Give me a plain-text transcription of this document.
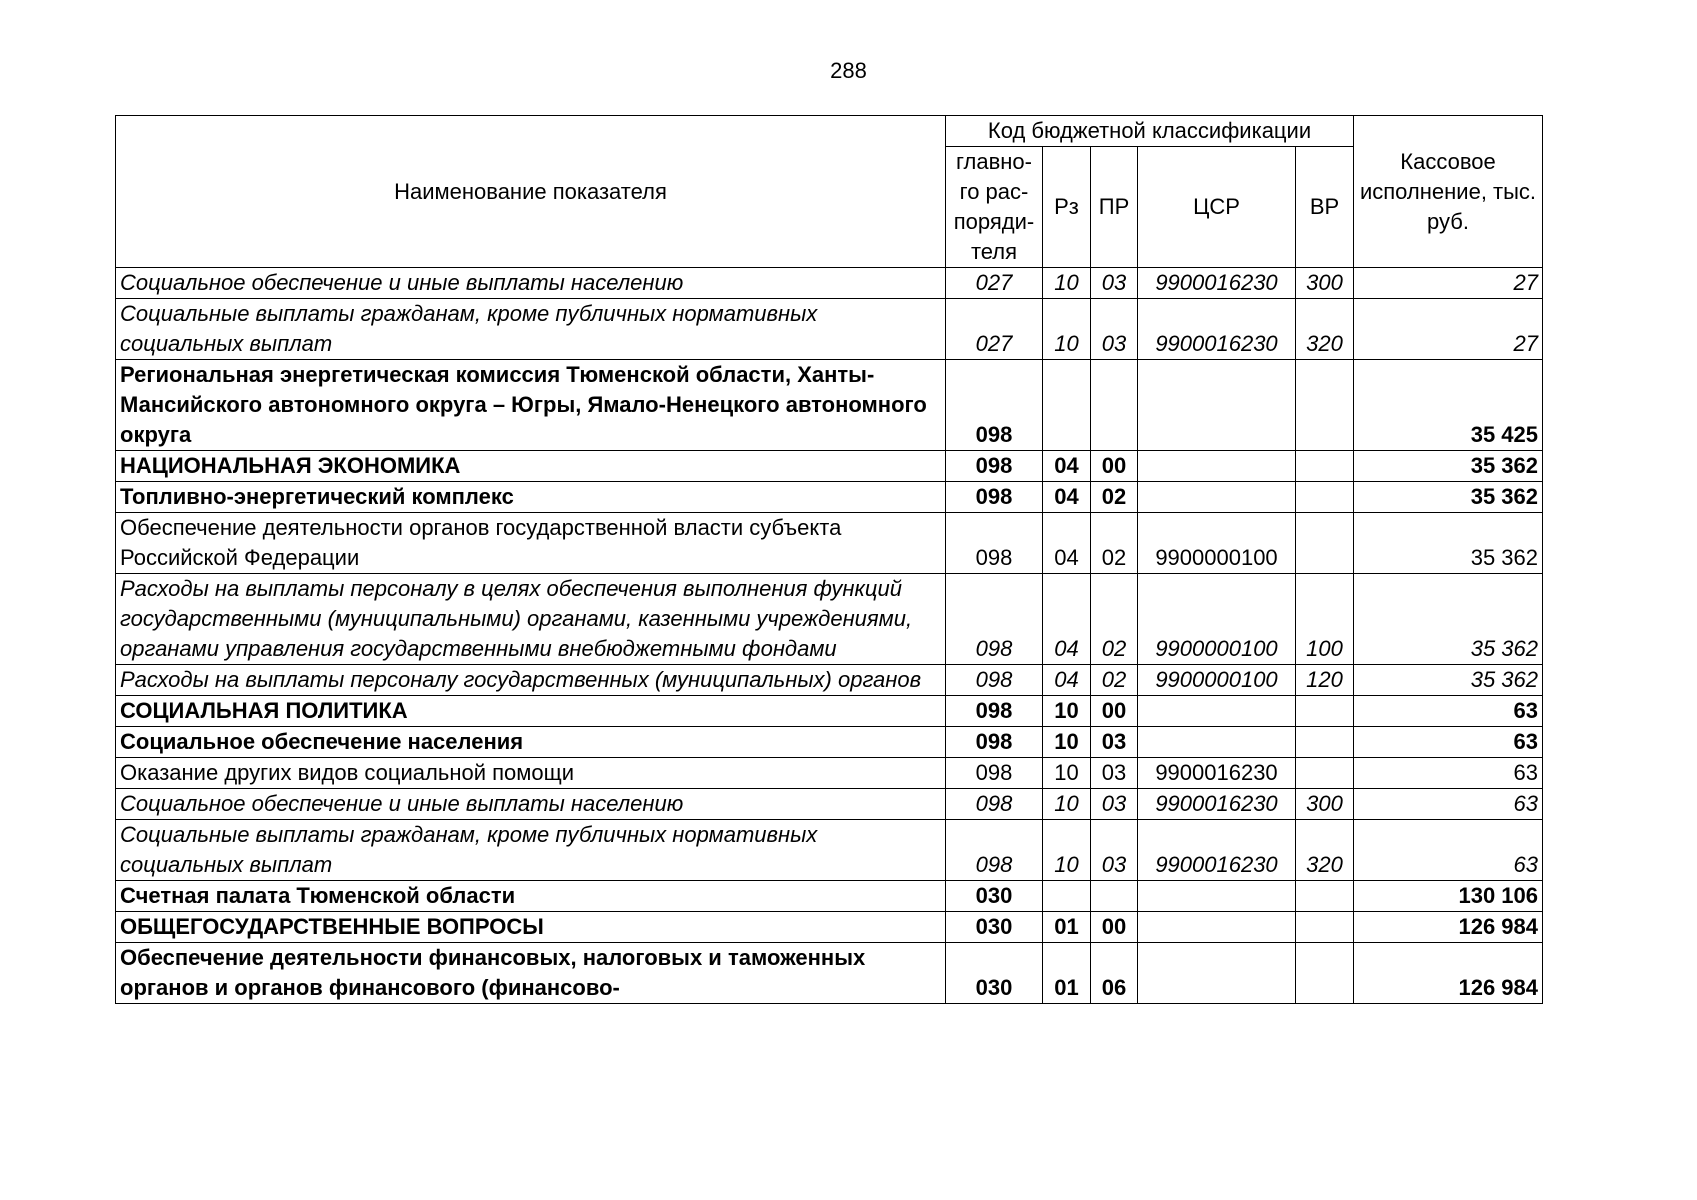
288
Наименование показателя	Код бюджетной классификации					Кассовое исполнение, тыс. руб.
	главно-го рас-поряди-теля	Рз	ПР	ЦСР	ВР	
Социальное обеспечение и иные выплаты населению	027	10	03	9900016230	300	27
Социальные выплаты гражданам, кроме публичных нормативных социальных выплат	027	10	03	9900016230	320	27
Региональная энергетическая комиссия Тюменской области, Ханты-Мансийского автономного округа – Югры, Ямало-Ненецкого автономного округа	098					35 425
НАЦИОНАЛЬНАЯ ЭКОНОМИКА	098	04	00			35 362
Топливно-энергетический комплекс	098	04	02			35 362
Обеспечение деятельности органов государственной власти субъекта Российской Федерации	098	04	02	9900000100		35 362
Расходы на выплаты персоналу в целях обеспечения выполнения функций государственными (муниципальными) органами, казенными учреждениями, органами управления государственными внебюджетными фондами	098	04	02	9900000100	100	35 362
Расходы на выплаты персоналу государственных (муниципальных) органов	098	04	02	9900000100	120	35 362
СОЦИАЛЬНАЯ ПОЛИТИКА	098	10	00			63
Социальное обеспечение населения	098	10	03			63
Оказание других видов социальной помощи	098	10	03	9900016230		63
Социальное обеспечение и иные выплаты населению	098	10	03	9900016230	300	63
Социальные выплаты гражданам, кроме публичных нормативных социальных выплат	098	10	03	9900016230	320	63
Счетная палата Тюменской области	030					130 106
ОБЩЕГОСУДАРСТВЕННЫЕ ВОПРОСЫ	030	01	00			126 984
Обеспечение деятельности финансовых, налоговых и таможенных органов и органов финансового (финансово-	030	01	06			126 984
